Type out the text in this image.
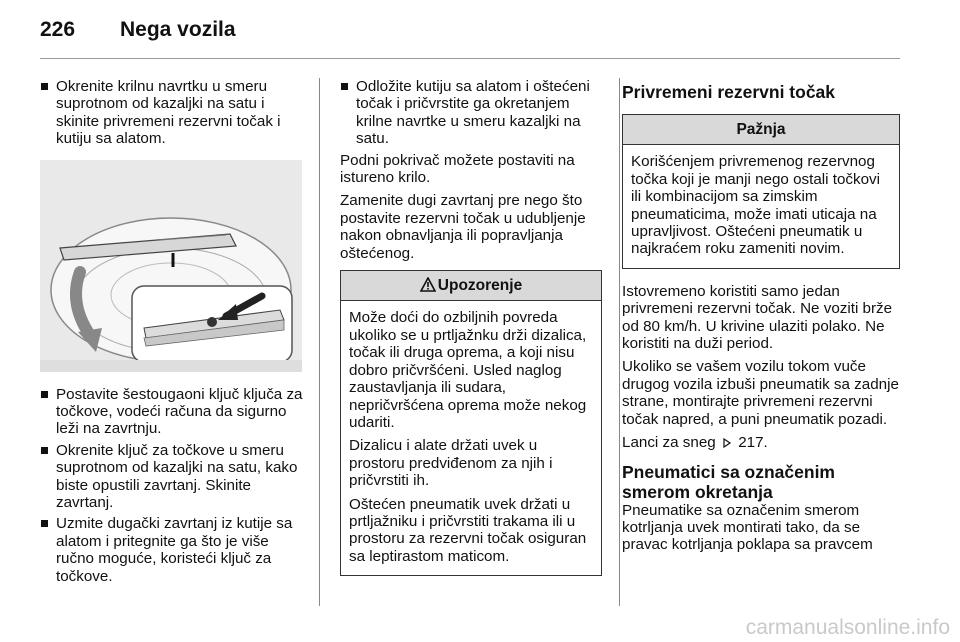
226 Nega vozila
Okrenite krilnu navrtku u smeru suprotnom od kazaljki na satu i skinite privremeni rezervni točak i kutiju sa alatom.
Postavite šestougaoni ključ ključa za točkove, vodeći računa da sigurno leži na zavrtnju.
Okrenite ključ za točkove u smeru suprotnom od kazaljki na satu, kako biste opustili zavrtanj. Skinite zavrtanj.
Uzmite dugački zavrtanj iz kutije sa alatom i pritegnite ga što je više ručno moguće, koristeći ključ za točkove.
Odložite kutiju sa alatom i oštećeni točak i pričvrstite ga okretanjem krilne navrtke u smeru kazaljki na satu.

Podni pokrivač možete postaviti na istureno krilo.

Zamenite dugi zavrtanj pre nego što postavite rezervni točak u udubljenje nakon obnavljanja ili popravljanja oštećenog.

Upozorenje

Može doći do ozbiljnih povreda ukoliko se u prtljažnku drži dizalica, točak ili druga oprema, a koji nisu dobro pričvršćeni. Usled naglog zaustavljanja ili sudara, nepričvršćena oprema može nekog udariti.

Dizalicu i alate držati uvek u prostoru predviđenom za njih i pričvrstiti ih.

Oštećen pneumatik uvek držati u prtljažniku i pričvrstiti trakama ili u prostoru za rezervni točak osiguran sa leptirastom maticom.

Privremeni rezervni točak
Pažnja

Korišćenjem privremenog rezervnog točka koji je manji nego ostali točkovi ili kombinacijom sa zimskim pneumaticima, može imati uticaja na upravljivost. Oštećeni pneumatik u najkraćem roku zameniti novim.

Istovremeno koristiti samo jedan privremeni rezervni točak. Ne voziti brže od 80 km/h. U krivine ulaziti polako. Ne koristiti na duži period.

Ukoliko se vašem vozilu tokom vuče drugog vozila izbuši pneumatik sa zadnje strane, montirajte privremeni rezervni točak napred, a puni pneumatik pozadi.

Lanci za sneg 217.

Pneumatici sa označenim smerom okretanja

Pneumatike sa označenim smerom kotrljanja uvek montirati tako, da se pravac kotrljanja poklapa sa pravcem

carmanualsonline.info
